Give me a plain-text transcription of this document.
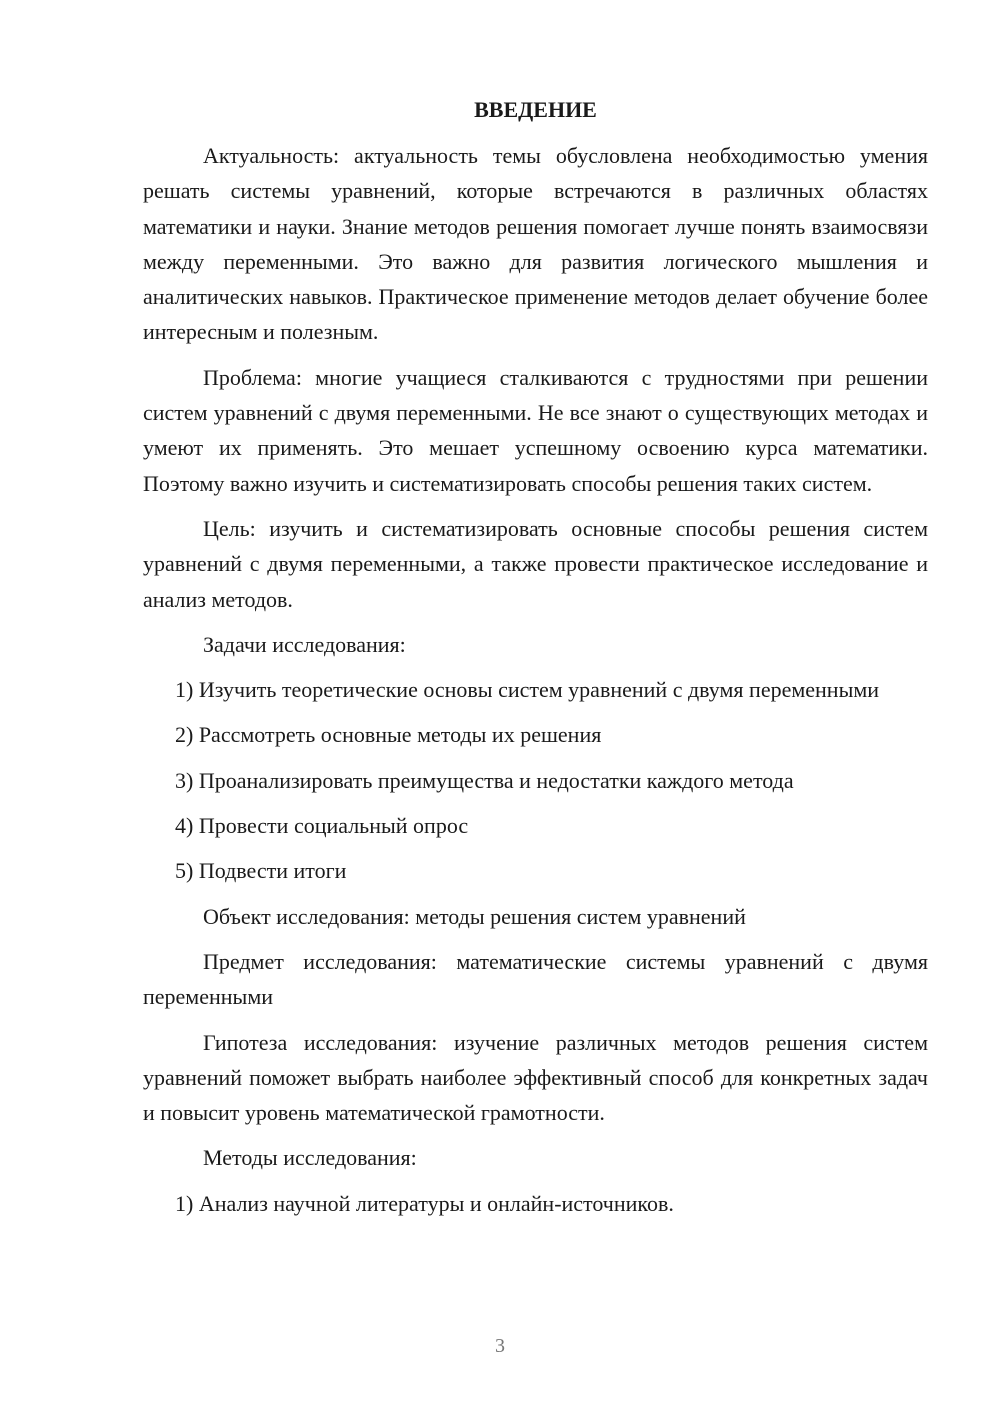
ВВЕДЕНИЕ

Актуальность: актуальность темы обусловлена необходимостью умения решать системы уравнений, которые встречаются в различных областях математики и науки. Знание методов решения помогает лучше понять взаимосвязи между переменными. Это важно для развития логического мышления и аналитических навыков. Практическое применение методов делает обучение более интересным и полезным.

Проблема: многие учащиеся сталкиваются с трудностями при решении систем уравнений с двумя переменными. Не все знают о существующих методах и умеют их применять. Это мешает успешному освоению курса математики. Поэтому важно изучить и систематизировать способы решения таких систем.

Цель: изучить и систематизировать основные способы решения систем уравнений с двумя переменными, а также провести практическое исследование и анализ методов.

Задачи исследования:

1) Изучить теоретические основы систем уравнений с двумя переменными

2) Рассмотреть основные методы их решения

3) Проанализировать преимущества и недостатки каждого метода

4) Провести социальный опрос

5) Подвести итоги

Объект исследования: методы решения систем уравнений

Предмет исследования: математические системы уравнений с двумя переменными

Гипотеза исследования: изучение различных методов решения систем уравнений поможет выбрать наиболее эффективный способ для конкретных задач и повысит уровень математической грамотности.

Методы исследования:

1) Анализ научной литературы и онлайн-источников.

3
